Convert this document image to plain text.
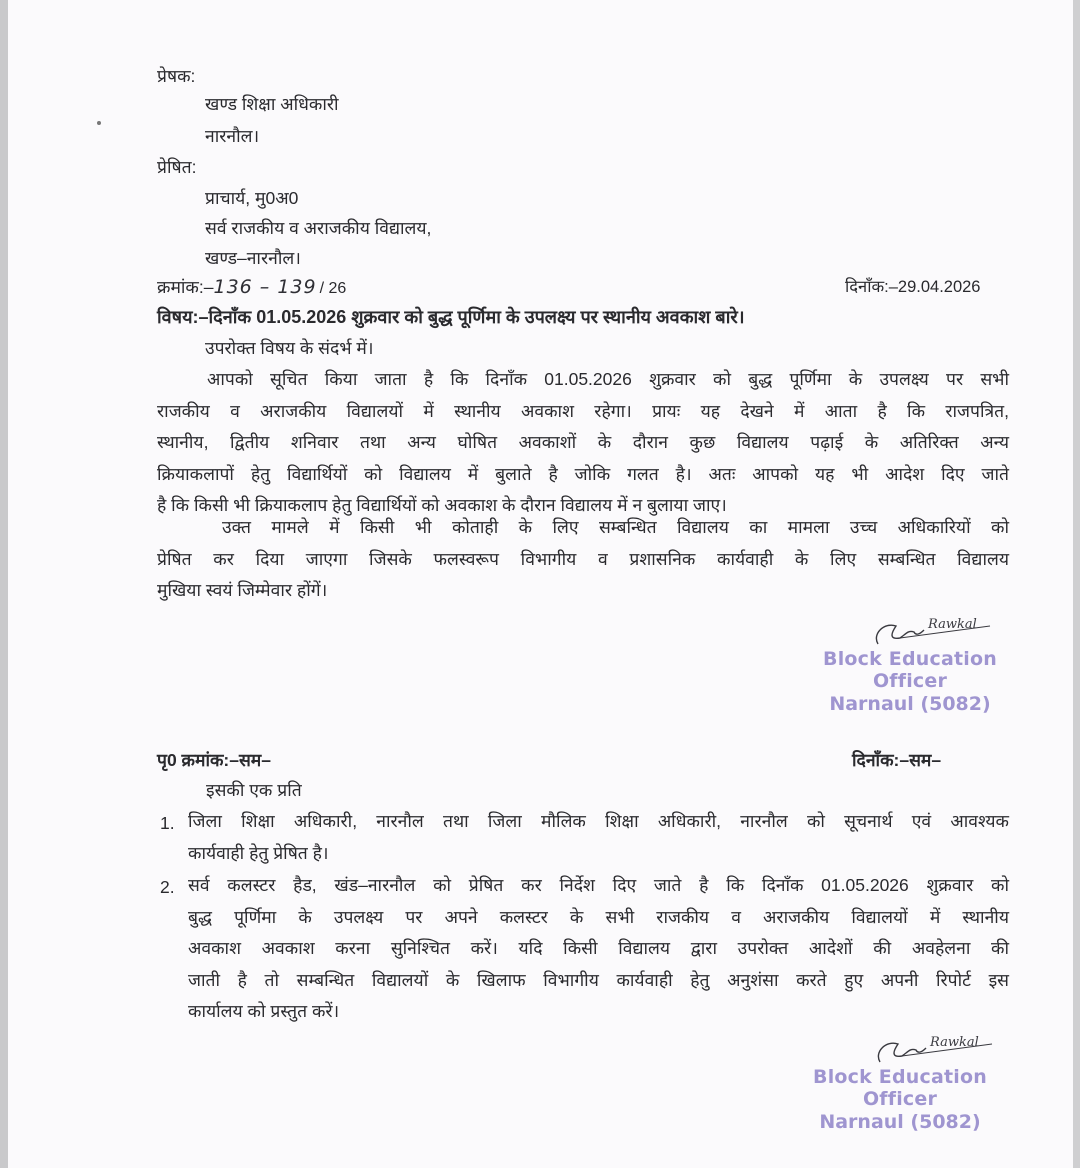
प्रेषक:
खण्ड शिक्षा अधिकारी
नारनौल।
प्रेषित:
प्राचार्य, मु0अ0
सर्व राजकीय व अराजकीय विद्यालय,
खण्ड–नारनौल।
क्रमांक:–136 – 139 / 26	दिनाँक:–29.04.2026
विषय:–दिनाँक 01.05.2026 शुक्रवार को बुद्ध पूर्णिमा के उपलक्ष्य पर स्थानीय अवकाश बारे।
उपरोक्त विषय के संदर्भ में।
आपको सूचित किया जाता है कि दिनाँक 01.05.2026 शुक्रवार को बुद्ध पूर्णिमा के उपलक्ष्य पर सभी
राजकीय व अराजकीय विद्यालयों में स्थानीय अवकाश रहेगा। प्रायः यह देखने में आता है कि राजपत्रित,
स्थानीय, द्वितीय शनिवार तथा अन्य घोषित अवकाशों के दौरान कुछ विद्यालय पढ़ाई के अतिरिक्त अन्य
क्रियाकलापों हेतु विद्यार्थियों को विद्यालय में बुलाते है जोकि गलत है। अतः आपको यह भी आदेश दिए जाते
है कि किसी भी क्रियाकलाप हेतु विद्यार्थियों को अवकाश के दौरान विद्यालय में न बुलाया जाए।
उक्त मामले में किसी भी कोताही के लिए सम्बन्धित विद्यालय का मामला उच्च अधिकारियों को
प्रेषित कर दिया जाएगा जिसके फलस्वरूप विभागीय व प्रशासनिक कार्यवाही के लिए सम्बन्धित विद्यालय
मुखिया स्वयं जिम्मेवार होंगें।
Rawkal
Block Education Officer
Narnaul (5082)
पृ0 क्रमांक:–सम–	दिनाँक:–सम–
इसकी एक प्रति
1. जिला शिक्षा अधिकारी, नारनौल तथा जिला मौलिक शिक्षा अधिकारी, नारनौल को सूचनार्थ एवं आवश्यक
कार्यवाही हेतु प्रेषित है।
2. सर्व कलस्टर हैड, खंड–नारनौल को प्रेषित कर निर्देश दिए जाते है कि दिनाँक 01.05.2026 शुक्रवार को
बुद्ध पूर्णिमा के उपलक्ष्य पर अपने कलस्टर के सभी राजकीय व अराजकीय विद्यालयों में स्थानीय
अवकाश अवकाश करना सुनिश्चित करें। यदि किसी विद्यालय द्वारा उपरोक्त आदेशों की अवहेलना की
जाती है तो सम्बन्धित विद्यालयों के खिलाफ विभागीय कार्यवाही हेतु अनुशंसा करते हुए अपनी रिपोर्ट इस
कार्यालय को प्रस्तुत करें।
Rawkal
Block Education Officer
Narnaul (5082)
